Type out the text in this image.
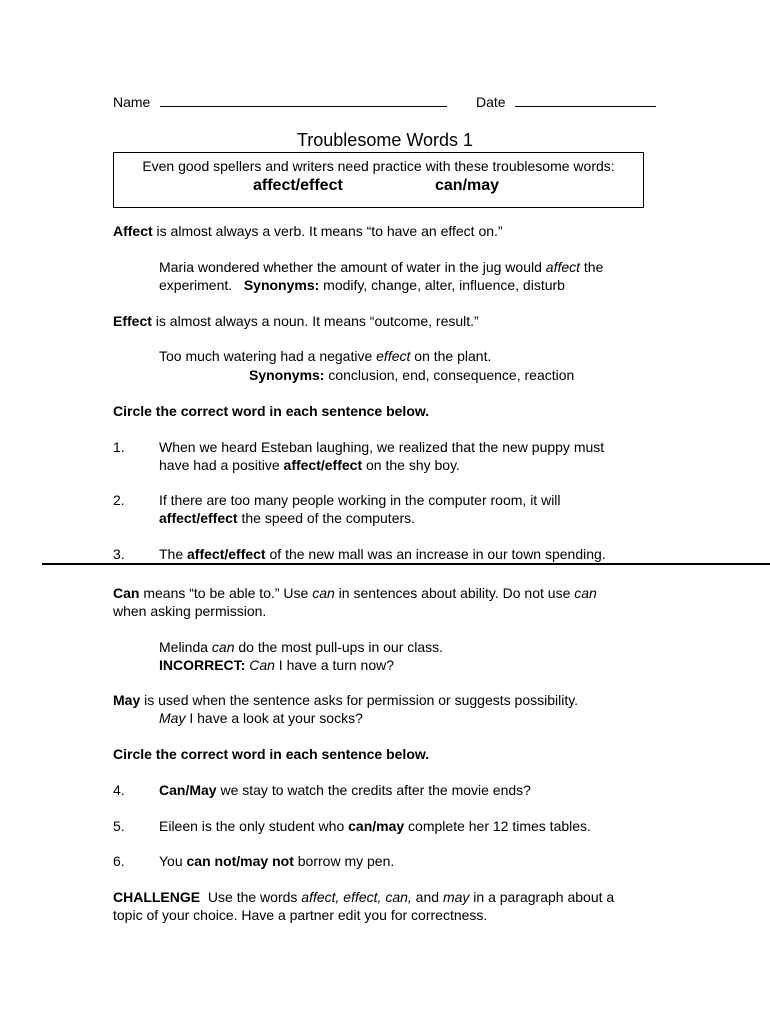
Name	Date
Troublesome Words 1
Even good spellers and writers need practice with these troublesome words:
affect/effect	can/may
Affect is almost always a verb. It means “to have an effect on.”
Maria wondered whether the amount of water in the jug would affect the
experiment. Synonyms: modify, change, alter, influence, disturb
Effect is almost always a noun. It means “outcome, result.”
Too much watering had a negative effect on the plant.
Synonyms: conclusion, end, consequence, reaction
Circle the correct word in each sentence below.
1. When we heard Esteban laughing, we realized that the new puppy must
have had a positive affect/effect on the shy boy.
2. If there are too many people working in the computer room, it will
affect/effect the speed of the computers.
3. The affect/effect of the new mall was an increase in our town spending.
Can means “to be able to.” Use can in sentences about ability. Do not use can
when asking permission.
Melinda can do the most pull-ups in our class.
INCORRECT: Can I have a turn now?
May is used when the sentence asks for permission or suggests possibility.
May I have a look at your socks?
Circle the correct word in each sentence below.
4. Can/May we stay to watch the credits after the movie ends?
5. Eileen is the only student who can/may complete her 12 times tables.
6. You can not/may not borrow my pen.
CHALLENGE  Use the words affect, effect, can, and may in a paragraph about a
topic of your choice. Have a partner edit you for correctness.
